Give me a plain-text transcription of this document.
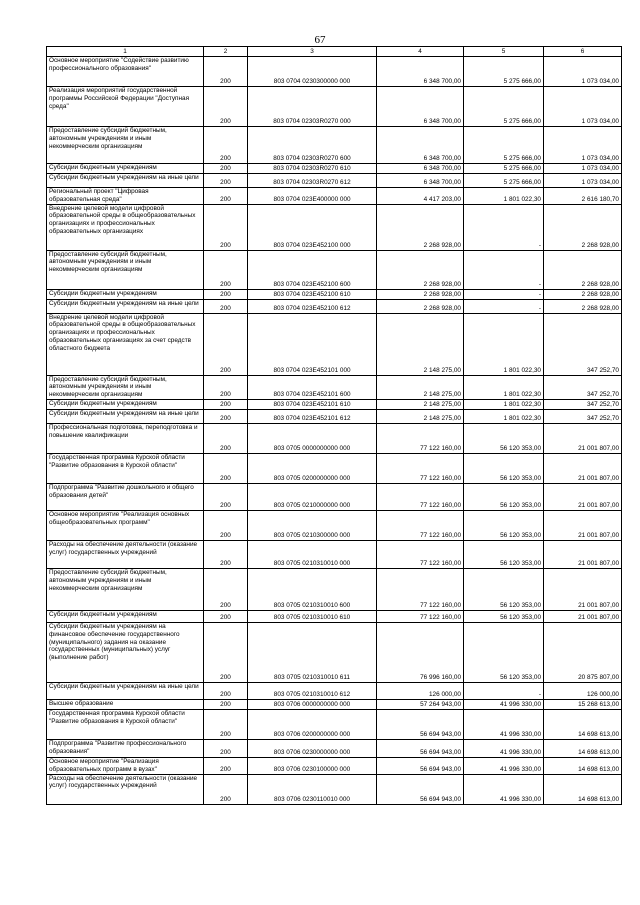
67
1	2	3	4	5	6
Основное мероприятие "Содействие развитию профессионального образования"	200	803 0704 0230300000 000	6 348 700,00	5 275 666,00	1 073 034,00
Реализация мероприятий государственной программы Российской Федерации "Доступная среда"	200	803 0704 02303R0270 000	6 348 700,00	5 275 666,00	1 073 034,00
Предоставление субсидий бюджетным, автономным учреждениям и иным некоммерческим организациям	200	803 0704 02303R0270 600	6 348 700,00	5 275 666,00	1 073 034,00
Субсидии бюджетным учреждениям	200	803 0704 02303R0270 610	6 348 700,00	5 275 666,00	1 073 034,00
Субсидии бюджетным учреждениям на иные цели	200	803 0704 02303R0270 612	6 348 700,00	5 275 666,00	1 073 034,00
Региональный проект "Цифровая образовательная среда"	200	803 0704 023E400000 000	4 417 203,00	1 801 022,30	2 616 180,70
Внедрение целевой модели цифровой образовательной среды в общеобразовательных организациях и профессиональных образовательных организациях	200	803 0704 023E452100 000	2 268 928,00	-	2 268 928,00
Предоставление субсидий бюджетным, автономным учреждениям и иным некоммерческим организациям	200	803 0704 023E452100 600	2 268 928,00	-	2 268 928,00
Субсидии бюджетным учреждениям	200	803 0704 023E452100 610	2 268 928,00	-	2 268 928,00
Субсидии бюджетным учреждениям на иные цели	200	803 0704 023E452100 612	2 268 928,00	-	2 268 928,00
Внедрение целевой модели цифровой образовательной среды в общеобразовательных организациях и профессиональных образовательных организациях за счет средств областного бюджета	200	803 0704 023E452101 000	2 148 275,00	1 801 022,30	347 252,70
Предоставление субсидий бюджетным, автономным учреждениям и иным некоммерческим организациям	200	803 0704 023E452101 600	2 148 275,00	1 801 022,30	347 252,70
Субсидии бюджетным учреждениям	200	803 0704 023E452101 610	2 148 275,00	1 801 022,30	347 252,70
Субсидии бюджетным учреждениям на иные цели	200	803 0704 023E452101 612	2 148 275,00	1 801 022,30	347 252,70
Профессиональная подготовка, переподготовка и повышение квалификации	200	803 0705 0000000000 000	77 122 160,00	56 120 353,00	21 001 807,00
Государственная программа Курской области "Развитие образования в Курской области"	200	803 0705 0200000000 000	77 122 160,00	56 120 353,00	21 001 807,00
Подпрограмма "Развитие дошкольного и общего образования детей"	200	803 0705 0210000000 000	77 122 160,00	56 120 353,00	21 001 807,00
Основное мероприятие "Реализация основных общеобразовательных программ"	200	803 0705 0210300000 000	77 122 160,00	56 120 353,00	21 001 807,00
Расходы на обеспечение деятельности (оказание услуг) государственных учреждений	200	803 0705 0210310010 000	77 122 160,00	56 120 353,00	21 001 807,00
Предоставление субсидий бюджетным, автономным учреждениям и иным некоммерческим организациям	200	803 0705 0210310010 600	77 122 160,00	56 120 353,00	21 001 807,00
Субсидии бюджетным учреждениям	200	803 0705 0210310010 610	77 122 160,00	56 120 353,00	21 001 807,00
Субсидии бюджетным учреждениям на финансовое обеспечение государственного (муниципального) задания на оказание государственных (муниципальных) услуг (выполнение работ)	200	803 0705 0210310010 611	76 996 160,00	56 120 353,00	20 875 807,00
Субсидии бюджетным учреждениям на иные цели	200	803 0705 0210310010 612	126 000,00	-	126 000,00
Высшее образование	200	803 0706 0000000000 000	57 264 943,00	41 996 330,00	15 268 613,00
Государственная программа Курской области "Развитие образования в Курской области"	200	803 0706 0200000000 000	56 694 943,00	41 996 330,00	14 698 613,00
Подпрограмма "Развитие профессионального образования"	200	803 0706 0230000000 000	56 694 943,00	41 996 330,00	14 698 613,00
Основное мероприятие "Реализация образовательных программ в вузах"	200	803 0706 0230100000 000	56 694 943,00	41 996 330,00	14 698 613,00
Расходы на обеспечение деятельности (оказание услуг) государственных учреждений	200	803 0706 0230110010 000	56 694 943,00	41 996 330,00	14 698 613,00
